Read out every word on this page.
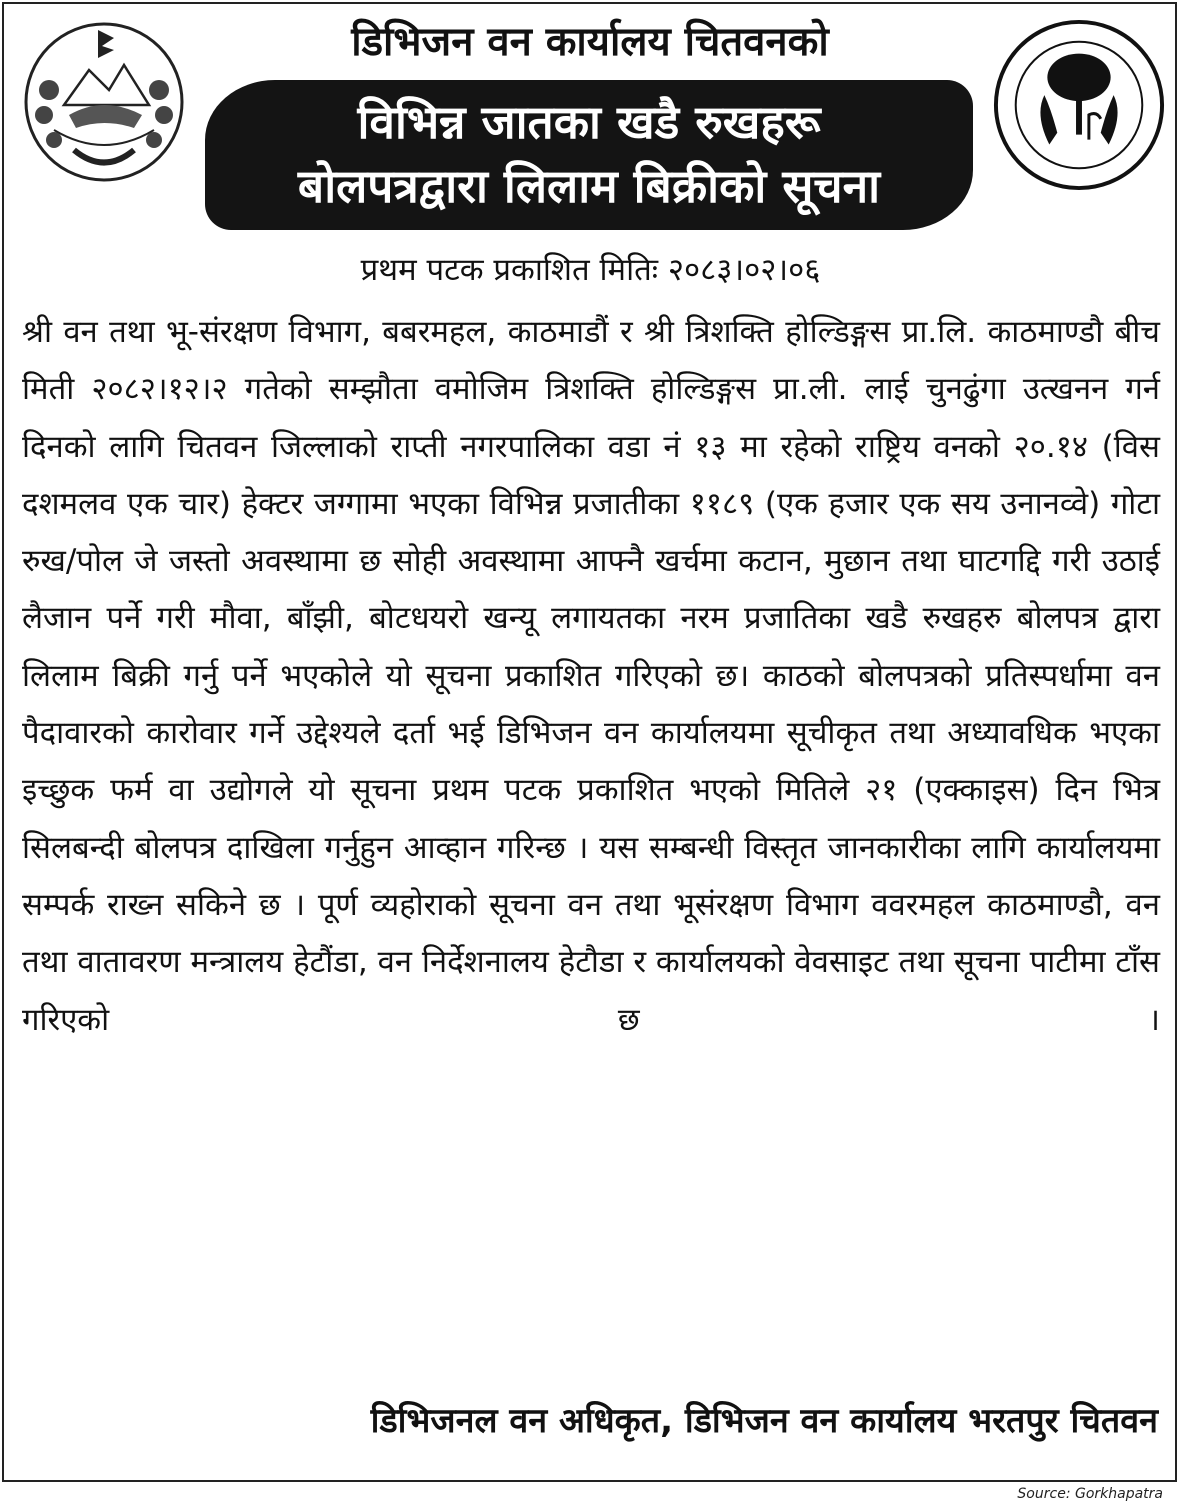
डिभिजन वन कार्यालय चितवनको
विभिन्न जातका खडै रुखहरू
बोलपत्रद्वारा लिलाम बिक्रीको सूचना
प्रथम पटक प्रकाशित मितिः २०८३।०२।०६
श्री वन तथा भू-संरक्षण विभाग, बबरमहल, काठमाडौं र श्री त्रिशक्ति होल्डिङ्गस प्रा.लि. काठमाण्डौ बीच मिती २०८२।१२।२ गतेको सम्झौता वमोजिम त्रिशक्ति होल्डिङ्गस प्रा.ली. लाई चुनढुंगा उत्खनन गर्न दिनको लागि चितवन जिल्लाको राप्ती नगरपालिका वडा नं १३ मा रहेको राष्ट्रिय वनको २०.१४ (विस दशमलव एक चार) हेक्टर जग्गामा भएका विभिन्न प्रजातीका ११८९ (एक हजार एक सय उनानव्वे) गोटा रुख/पोल जे जस्तो अवस्थामा छ सोही अवस्थामा आफ्नै खर्चमा कटान, मुछान तथा घाटगद्दि गरी उठाई लैजान पर्ने गरी मौवा, बाँझी, बोटधयरो खन्यू लगायतका नरम प्रजातिका खडै रुखहरु बोलपत्र द्वारा लिलाम बिक्री गर्नु पर्ने भएकोले यो सूचना प्रकाशित गरिएको छ। काठको बोलपत्रको प्रतिस्पर्धामा वन पैदावारको कारोवार गर्ने उद्देश्यले दर्ता भई डिभिजन वन कार्यालयमा सूचीकृत तथा अध्यावधिक भएका इच्छुक फर्म वा उद्योगले यो सूचना प्रथम पटक प्रकाशित भएको मितिले २१ (एक्काइस) दिन भित्र सिलबन्दी बोलपत्र दाखिला गर्नुहुन आव्हान गरिन्छ । यस सम्बन्धी विस्तृत जानकारीका लागि कार्यालयमा सम्पर्क राख्न सकिने छ । पूर्ण व्यहोराको सूचना वन तथा भूसंरक्षण विभाग ववरमहल काठमाण्डौ, वन तथा वातावरण मन्त्रालय हेटौंडा, वन निर्देशनालय हेटौडा र कार्यालयको वेवसाइट तथा सूचना पाटीमा टाँस गरिएको छ ।
डिभिजनल वन अधिकृत, डिभिजन वन कार्यालय भरतपुर चितवन
Source: Gorkhapatra
